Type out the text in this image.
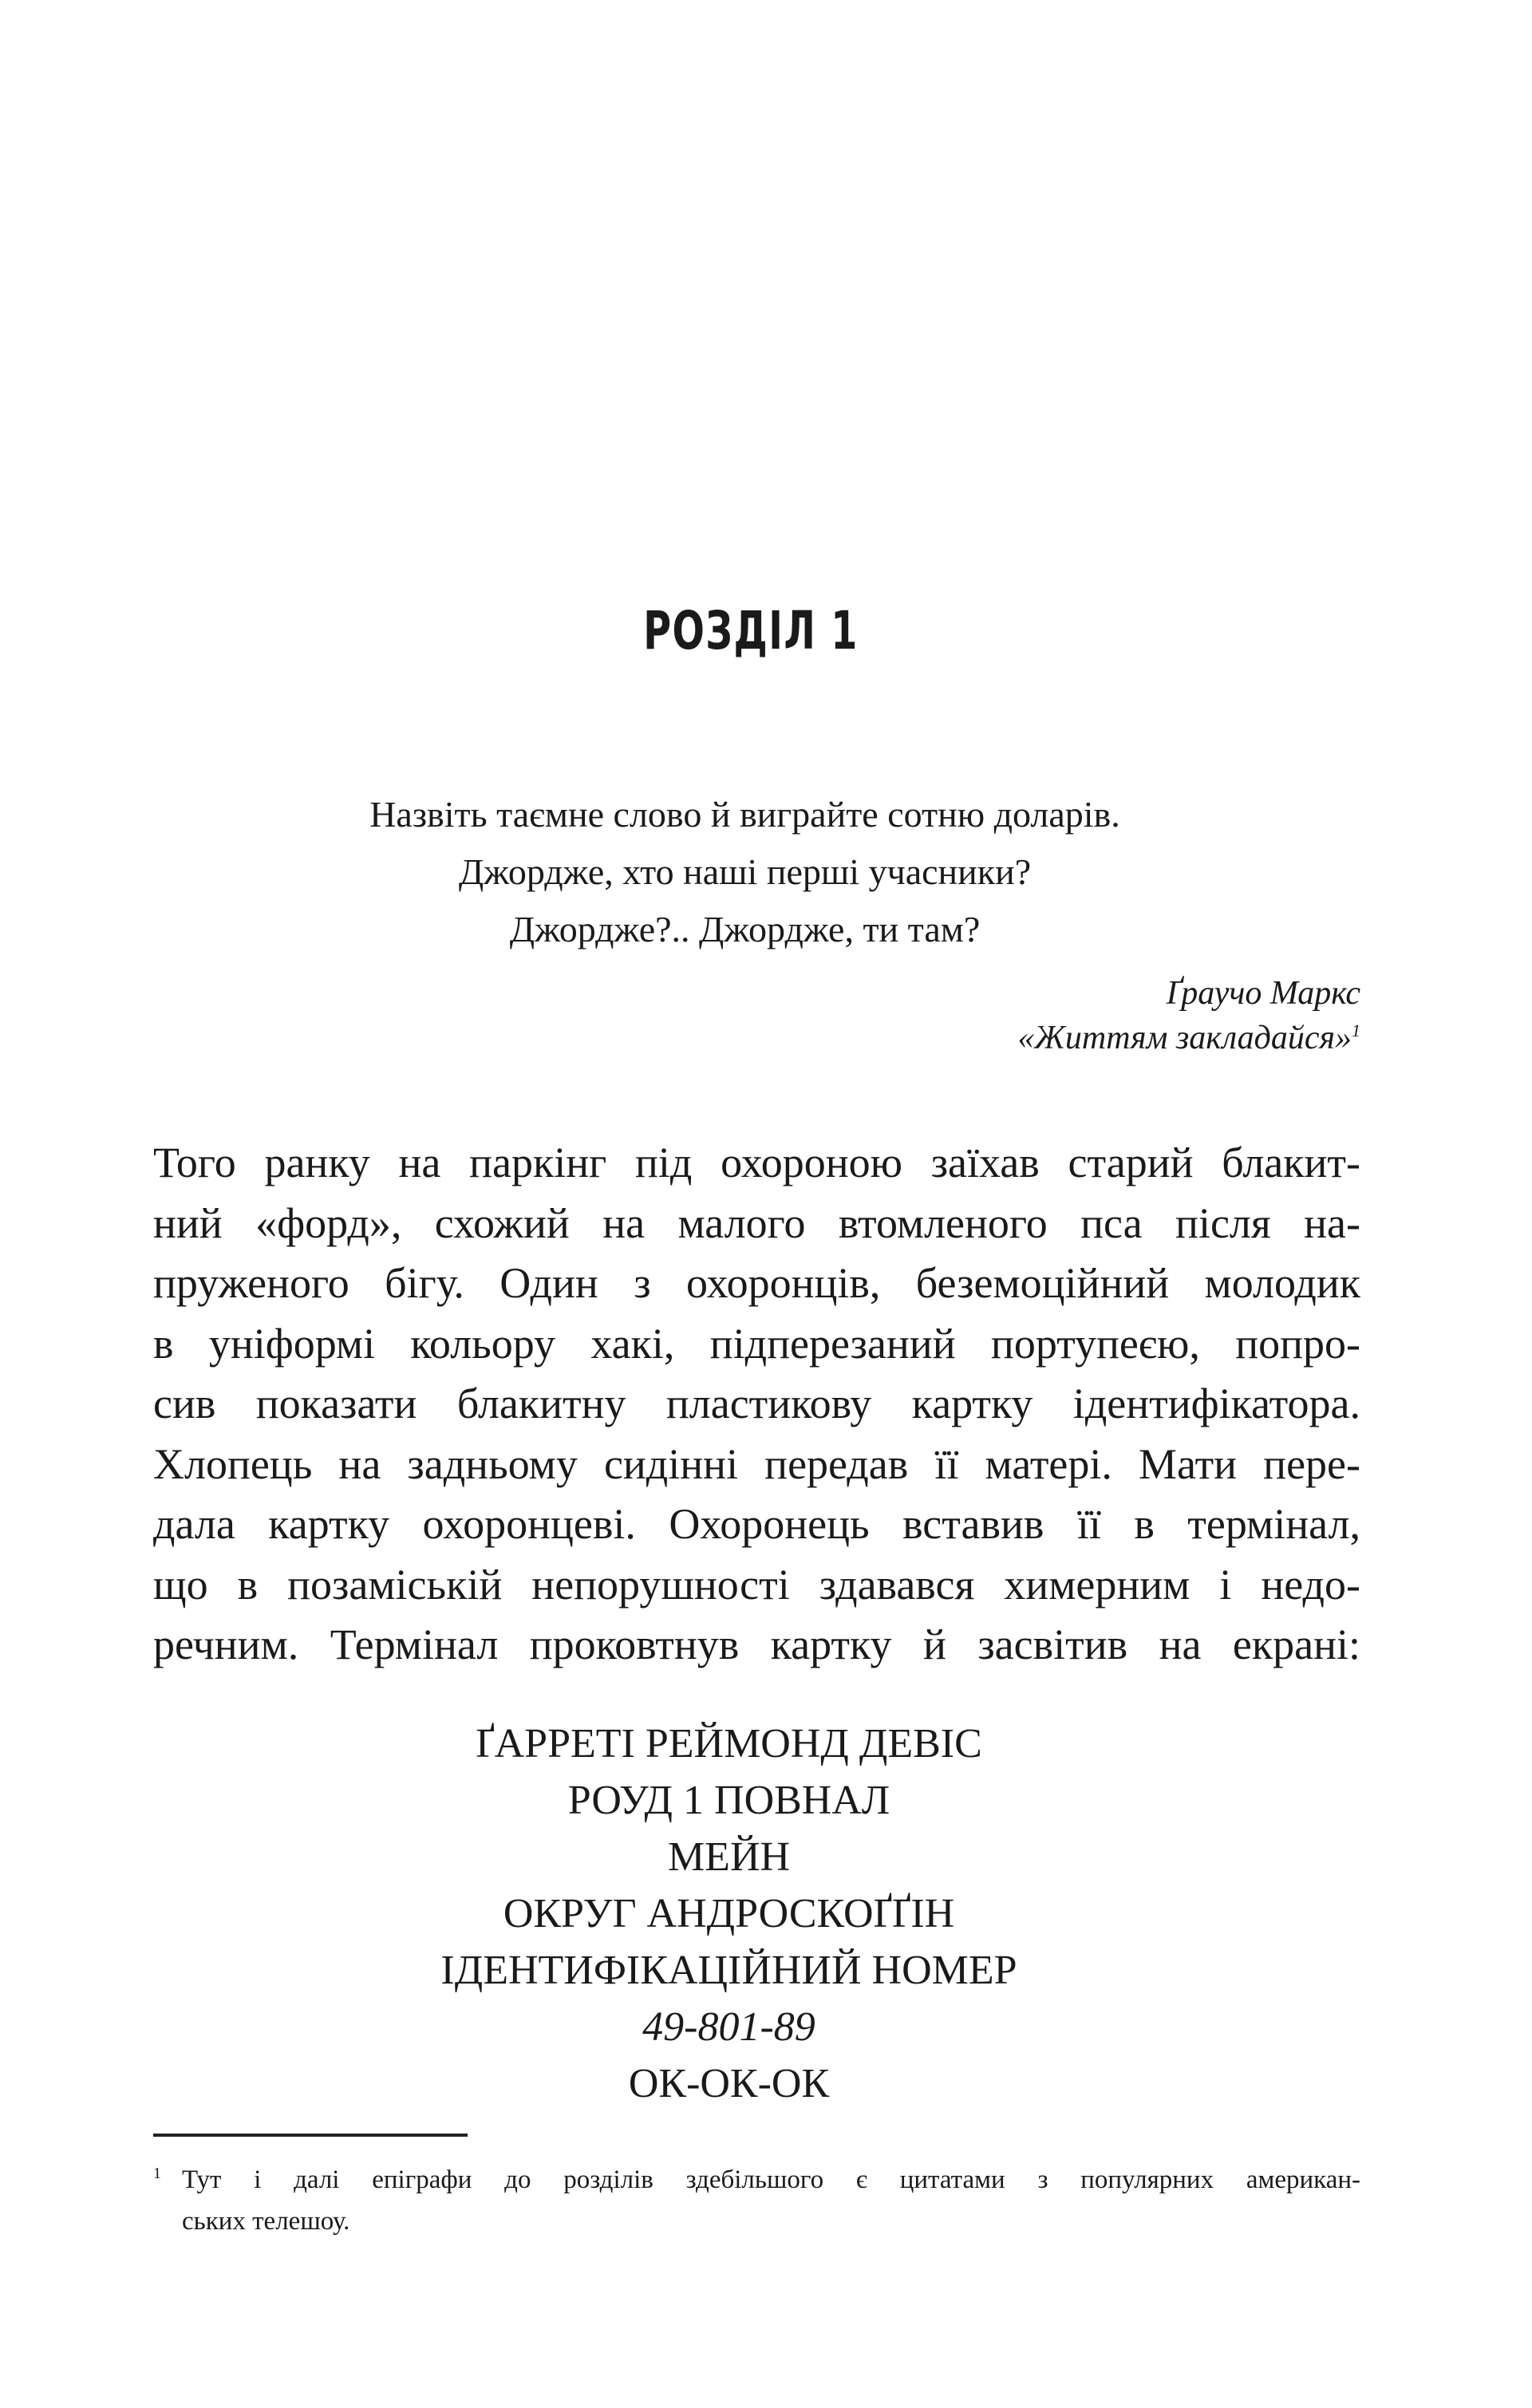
РОЗДІЛ 1
Назвіть таємне слово й виграйте сотню доларів.
Джордже, хто наші перші учасники?
Джордже?.. Джордже, ти там?
Ґраучо Маркс
«Життям закладайся»$^1$
Того ранку на паркінг під охороною заїхав старий блакит-
ний «форд», схожий на малого втомленого пса після на-
пруженого бігу. Один з охоронців, беземоційний молодик
в уніформі кольору хакі, підперезаний портупеєю, попро-
сив показати блакитну пластикову картку ідентифікатора.
Хлопець на задньому сидінні передав її матері. Мати пере-
дала картку охоронцеві. Охоронець вставив її в термінал,
що в позаміській непорушності здавався химерним і недо-
речним. Термінал проковтнув картку й засвітив на екрані:
ҐАРРЕТІ РЕЙМОНД ДЕВІС
РОУД 1 ПОВНАЛ
МЕЙН
ОКРУГ АНДРОСКОҐҐІН
ІДЕНТИФІКАЦІЙНИЙ НОМЕР
49-801-89
ОК-ОК-ОК
1 Тут і далі епіграфи до розділів здебільшого є цитатами з популярних американ-
ських телешоу.
